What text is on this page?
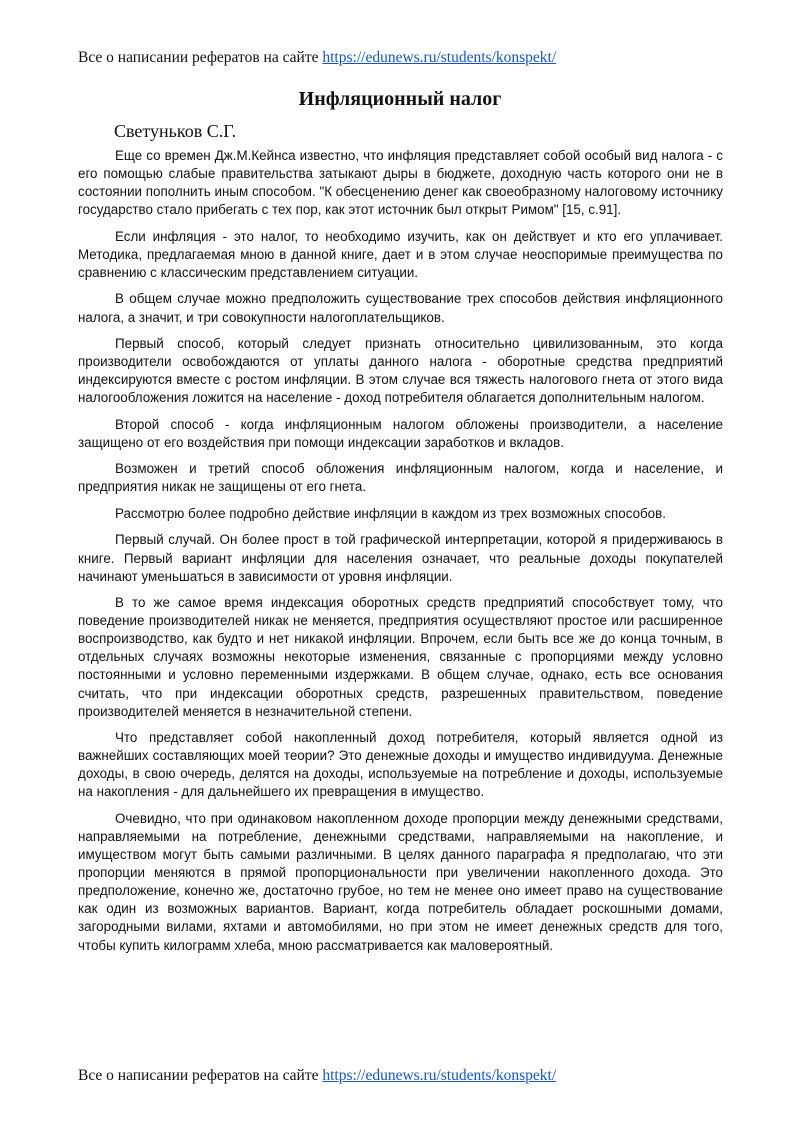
Все о написании рефератов на сайте https://edunews.ru/students/konspekt/
Инфляционный налог
Светуньков С.Г.

Еще со времен Дж.М.Кейнса известно, что инфляция представляет собой особый вид налога - с его помощью слабые правительства затыкают дыры в бюджете, доходную часть которого они не в состоянии пополнить иным способом. "К обесценению денег как своеобразному налоговому источнику государство стало прибегать с тех пор, как этот источник был открыт Римом" [15, с.91].

Если инфляция - это налог, то необходимо изучить, как он действует и кто его уплачивает. Методика, предлагаемая мною в данной книге, дает и в этом случае неоспоримые преимущества по сравнению с классическим представлением ситуации.

В общем случае можно предположить существование трех способов действия инфляционного налога, а значит, и три совокупности налогоплательщиков.

Первый способ, который следует признать относительно цивилизованным, это когда производители освобождаются от уплаты данного налога - оборотные средства предприятий индексируются вместе с ростом инфляции. В этом случае вся тяжесть налогового гнета от этого вида налогообложения ложится на население - доход потребителя облагается дополнительным налогом.

Второй способ - когда инфляционным налогом обложены производители, а население защищено от его воздействия при помощи индексации заработков и вкладов.

Возможен и третий способ обложения инфляционным налогом, когда и население, и предприятия никак не защищены от его гнета.

Рассмотрю более подробно действие инфляции в каждом из трех возможных способов.

Первый случай. Он более прост в той графической интерпретации, которой я придерживаюсь в книге. Первый вариант инфляции для населения означает, что реальные доходы покупателей начинают уменьшаться в зависимости от уровня инфляции.

В то же самое время индексация оборотных средств предприятий способствует тому, что поведение производителей никак не меняется, предприятия осуществляют простое или расширенное воспроизводство, как будто и нет никакой инфляции. Впрочем, если быть все же до конца точным, в отдельных случаях возможны некоторые изменения, связанные с пропорциями между условно постоянными и условно переменными издержками. В общем случае, однако, есть все основания считать, что при индексации оборотных средств, разрешенных правительством, поведение производителей меняется в незначительной степени.

Что представляет собой накопленный доход потребителя, который является одной из важнейших составляющих моей теории? Это денежные доходы и имущество индивидуума. Денежные доходы, в свою очередь, делятся на доходы, используемые на потребление и доходы, используемые на накопления - для дальнейшего их превращения в имущество.

Очевидно, что при одинаковом накопленном доходе пропорции между денежными средствами, направляемыми на потребление, денежными средствами, направляемыми на накопление, и имуществом могут быть самыми различными. В целях данного параграфа я предполагаю, что эти пропорции меняются в прямой пропорциональности при увеличении накопленного дохода. Это предположение, конечно же, достаточно грубое, но тем не менее оно имеет право на существование как один из возможных вариантов. Вариант, когда потребитель обладает роскошными домами, загородными вилами, яхтами и автомобилями, но при этом не имеет денежных средств для того, чтобы купить килограмм хлеба, мною рассматривается как маловероятный.

Все о написании рефератов на сайте https://edunews.ru/students/konspekt/
